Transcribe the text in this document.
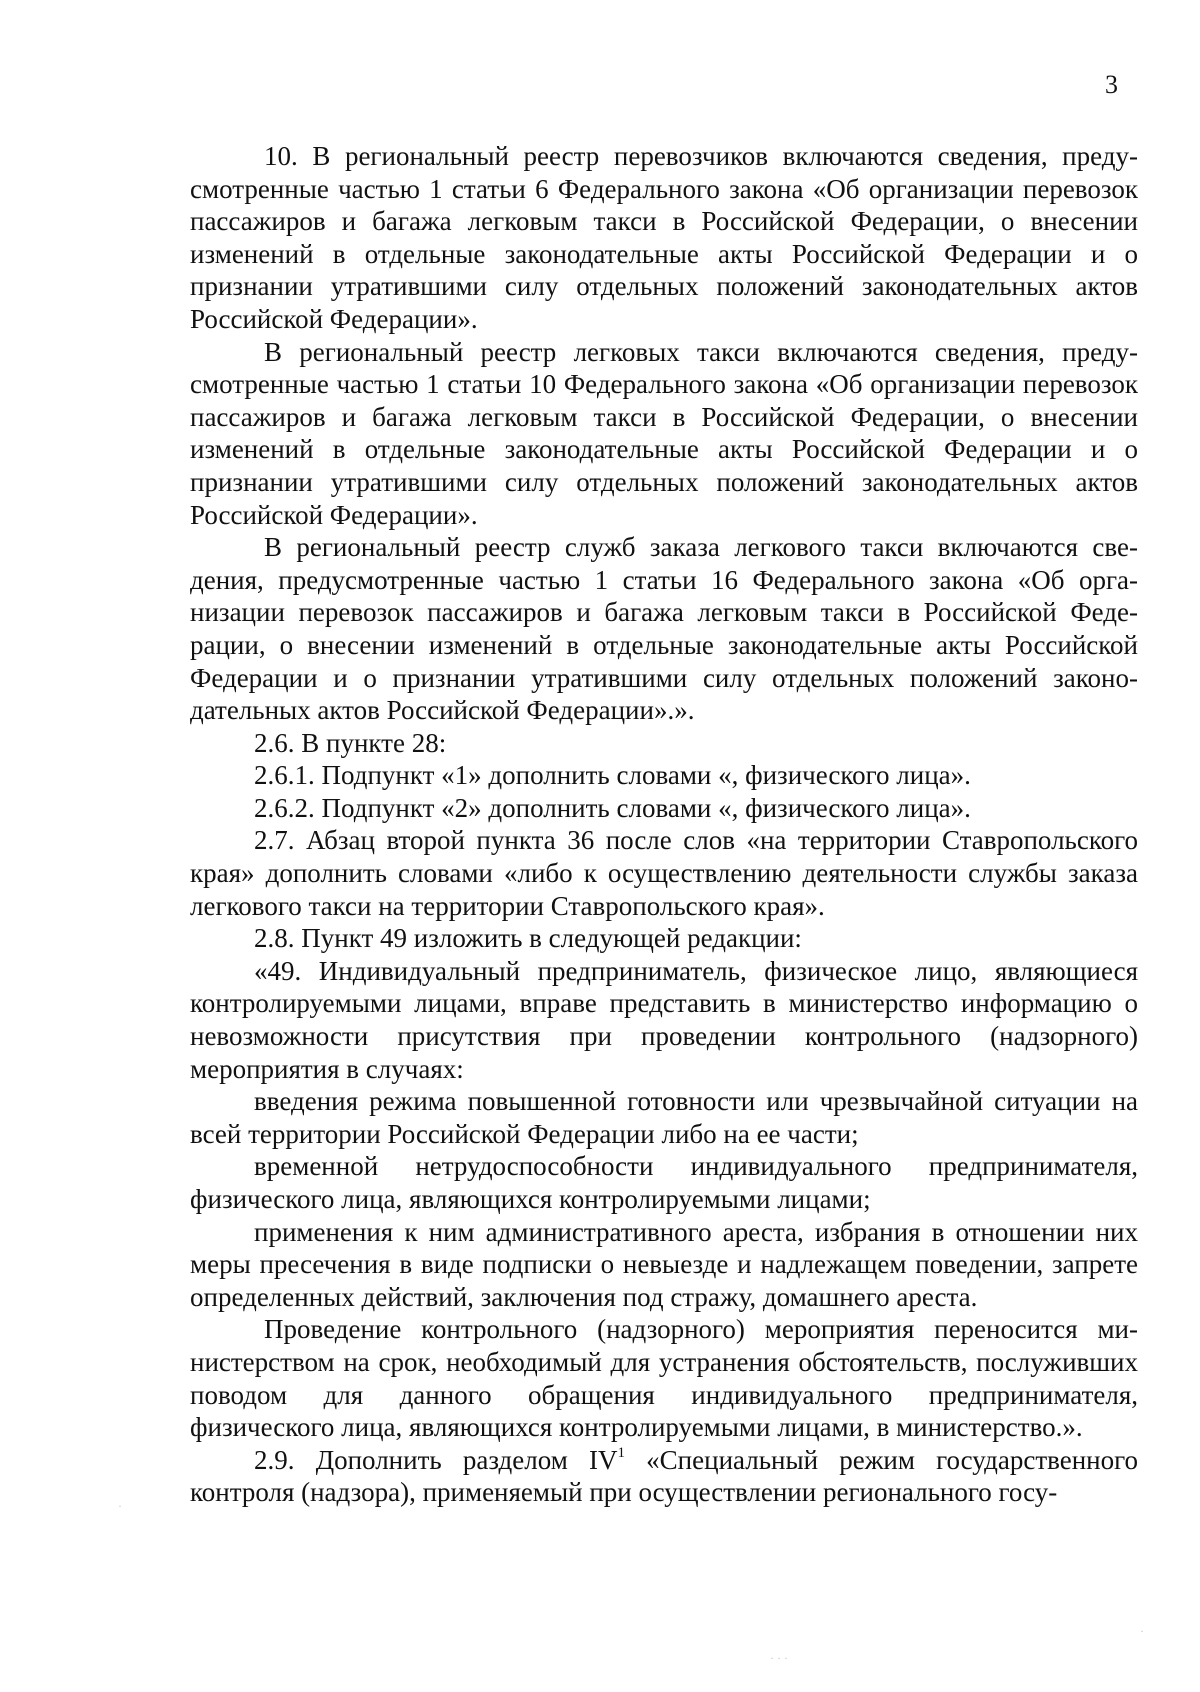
3

10. В региональный реестр перевозчиков включаются сведения, предусмотренные частью 1 статьи 6 Федерального закона «Об организации перевозок пассажиров и багажа легковым такси в Российской Федерации, о внесении изменений в отдельные законодательные акты Российской Федерации и о признании утратившими силу отдельных положений законодательных актов Российской Федерации».

В региональный реестр легковых такси включаются сведения, предусмотренные частью 1 статьи 10 Федерального закона «Об организации перевозок пассажиров и багажа легковым такси в Российской Федерации, о внесении изменений в отдельные законодательные акты Российской Федерации и о признании утратившими силу отдельных положений законодательных актов Российской Федерации».

В региональный реестр служб заказа легкового такси включаются сведения, предусмотренные частью 1 статьи 16 Федерального закона «Об организации перевозок пассажиров и багажа легковым такси в Российской Федерации, о внесении изменений в отдельные законодательные акты Российской Федерации и о признании утратившими силу отдельных положений законодательных актов Российской Федерации».».

2.6. В пункте 28:

2.6.1. Подпункт «1» дополнить словами «, физического лица».

2.6.2. Подпункт «2» дополнить словами «, физического лица».

2.7. Абзац второй пункта 36 после слов «на территории Ставропольского края» дополнить словами «либо к осуществлению деятельности службы заказа легкового такси на территории Ставропольского края».

2.8. Пункт 49 изложить в следующей редакции:

«49. Индивидуальный предприниматель, физическое лицо, являющиеся контролируемыми лицами, вправе представить в министерство информацию о невозможности присутствия при проведении контрольного (надзорного) мероприятия в случаях:

введения режима повышенной готовности или чрезвычайной ситуации на всей территории Российской Федерации либо на ее части;

временной нетрудоспособности индивидуального предпринимателя, физического лица, являющихся контролируемыми лицами;

применения к ним административного ареста, избрания в отношении них меры пресечения в виде подписки о невыезде и надлежащем поведении, запрете определенных действий, заключения под стражу, домашнего ареста.

Проведение контрольного (надзорного) мероприятия переносится министерством на срок, необходимый для устранения обстоятельств, послуживших поводом для данного обращения индивидуального предпринимателя, физического лица, являющихся контролируемыми лицами, в министерство.».

2.9. Дополнить разделом $IV^1$ «Специальный режим государственного контроля (надзора), применяемый при осуществлении регионального госу-

·
·
· · ·
